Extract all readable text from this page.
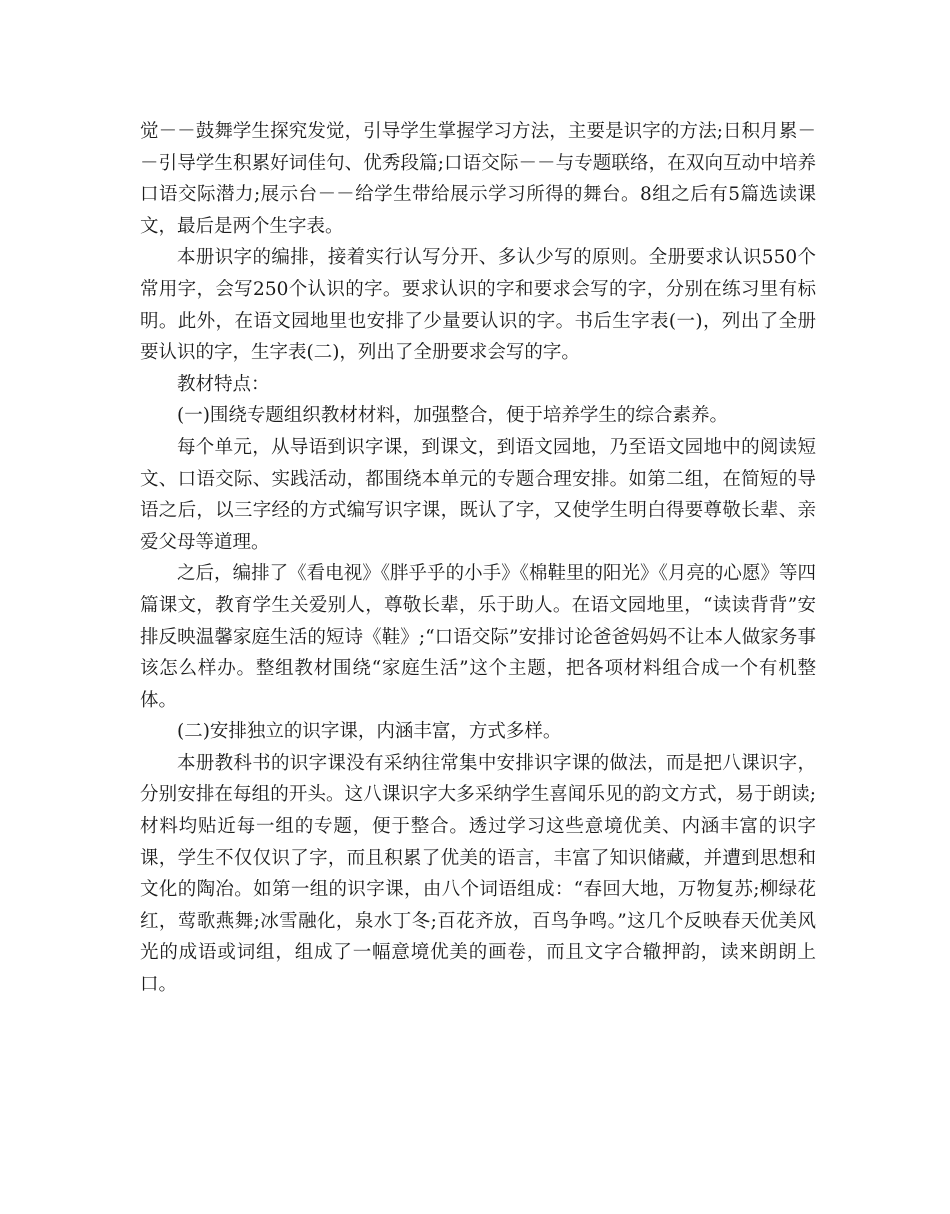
觉－－鼓舞学生探究发觉，引导学生掌握学习方法，主要是识字的方法;日积月累－－引导学生积累好词佳句、优秀段篇;口语交际－－与专题联络，在双向互动中培养口语交际潜力;展示台－－给学生带给展示学习所得的舞台。8组之后有5篇选读课文，最后是两个生字表。

本册识字的编排，接着实行认写分开、多认少写的原则。全册要求认识550个常用字，会写250个认识的字。要求认识的字和要求会写的字，分别在练习里有标明。此外，在语文园地里也安排了少量要认识的字。书后生字表(一)，列出了全册要认识的字，生字表(二)，列出了全册要求会写的字。

教材特点：

(一)围绕专题组织教材材料，加强整合，便于培养学生的综合素养。

每个单元，从导语到识字课，到课文，到语文园地，乃至语文园地中的阅读短文、口语交际、实践活动，都围绕本单元的专题合理安排。如第二组，在简短的导语之后，以三字经的方式编写识字课，既认了字，又使学生明白得要尊敬长辈、亲爱父母等道理。

之后，编排了《看电视》《胖乎乎的小手》《棉鞋里的阳光》《月亮的心愿》等四篇课文，教育学生关爱别人，尊敬长辈，乐于助人。在语文园地里，“读读背背”安排反映温馨家庭生活的短诗《鞋》;“口语交际”安排讨论爸爸妈妈不让本人做家务事该怎么样办。整组教材围绕“家庭生活”这个主题，把各项材料组合成一个有机整体。

(二)安排独立的识字课，内涵丰富，方式多样。

本册教科书的识字课没有采纳往常集中安排识字课的做法，而是把八课识字，分别安排在每组的开头。这八课识字大多采纳学生喜闻乐见的韵文方式，易于朗读;材料均贴近每一组的专题，便于整合。透过学习这些意境优美、内涵丰富的识字课，学生不仅仅识了字，而且积累了优美的语言，丰富了知识储藏，并遭到思想和文化的陶冶。如第一组的识字课，由八个词语组成：“春回大地，万物复苏;柳绿花红，莺歌燕舞;冰雪融化，泉水丁冬;百花齐放，百鸟争鸣。”这几个反映春天优美风光的成语或词组，组成了一幅意境优美的画卷，而且文字合辙押韵，读来朗朗上口。
